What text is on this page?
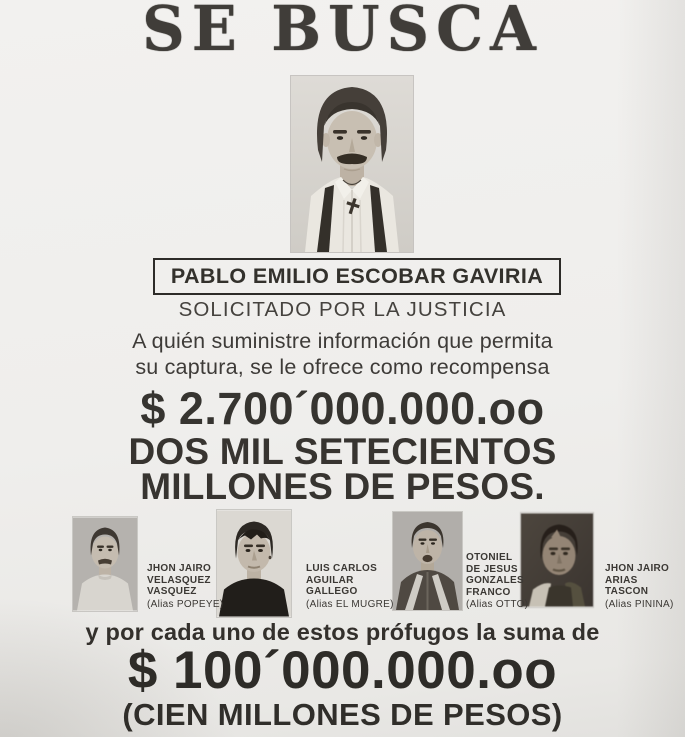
SE BUSCA
PABLO EMILIO ESCOBAR GAVIRIA
SOLICITADO POR LA JUSTICIA
A quién suministre información que permita
su captura, se le ofrece como recompensa
$ 2.700´000.000.oo
DOS MIL SETECIENTOS
MILLONES DE PESOS.
JHON JAIRO
VELASQUEZ
VASQUEZ
(Alias POPEYE)
LUIS CARLOS
AGUILAR
GALLEGO
(Alias EL MUGRE)
OTONIEL
DE JESUS
GONZALES
FRANCO
(Alias OTTO)
JHON JAIRO
ARIAS
TASCON
(Alias PININA)
y por cada uno de estos prófugos la suma de
$ 100´000.000.oo
(CIEN MILLONES DE PESOS)
